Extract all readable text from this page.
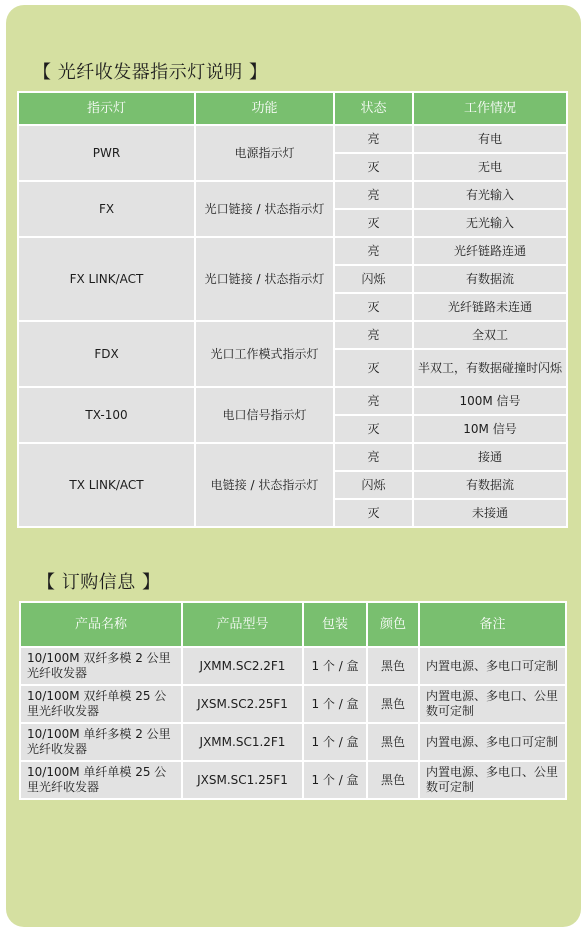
【 光纤收发器指示灯说明 】
指示灯	功能	状态	工作情况
PWR	电源指示灯	亮	有电
		灭	无电
FX	光口链接 / 状态指示灯	亮	有光输入
		灭	无光输入
FX LINK/ACT	光口链接 / 状态指示灯	亮	光纤链路连通
		闪烁	有数据流
		灭	光纤链路未连通
FDX	光口工作模式指示灯	亮	全双工
		灭	半双工，有数据碰撞时闪烁
TX-100	电口信号指示灯	亮	100M 信号
		灭	10M 信号
TX LINK/ACT	电链接 / 状态指示灯	亮	接通
		闪烁	有数据流
		灭	未接通
【 订购信息 】
产品名称	产品型号	包装	颜色	备注
10/100M 双纤多模 2 公里光纤收发器	JXMM.SC2.2F1	1 个 / 盒	黑色	内置电源、多电口可定制
10/100M 双纤单模 25 公里光纤收发器	JXSM.SC2.25F1	1 个 / 盒	黑色	内置电源、多电口、公里数可定制
10/100M 单纤多模 2 公里光纤收发器	JXMM.SC1.2F1	1 个 / 盒	黑色	内置电源、多电口可定制
10/100M 单纤单模 25 公里光纤收发器	JXSM.SC1.25F1	1 个 / 盒	黑色	内置电源、多电口、公里数可定制
